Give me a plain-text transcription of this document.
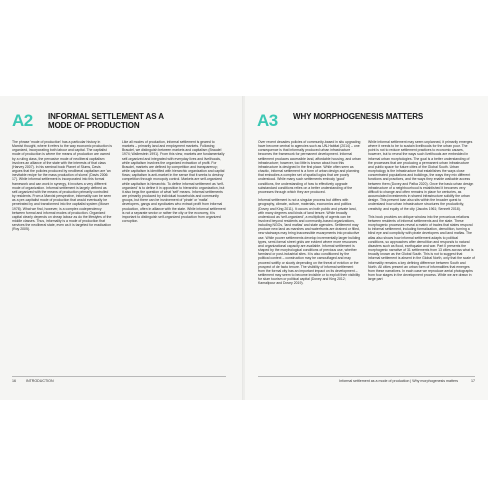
A2 INFORMAL SETTLEMENT AS A MODE OF PRODUCTION

The phrase 'mode of production' has a particular history in Marxist thought, where it refers to the way economic production is organized, incorporating both labour and capital. The capitalist mode of production is where the means of production are owned by a ruling class, the pervasive mode of neoliberal capitalism involves an alliance of the state with the interests of that class (Harvey 2007). In his seminal book Planet of Slums, Davis argues that the policies produced by neoliberal capitalism are 'an inevitable recipe for the mass production of slums' (Davis 2006: 17). While informal settlement is incorporated into this formal framework and can work in synergy, it involves a very different mode of organization. Informal settlement is largely defined as self-organized with the means of production primarily controlled by residents. From a Marxist perspective, informality can be seen as a pre-capitalist mode of production that would eventually be penetrated by and transformed into the capitalist system (Moser 1978). What we find, however, is a complex codependency between formal and informal modes of production. Organized capital clearly depends on cheap labour as do the lifestyles of the middle classes. Thus, informality is a mode of production that services the neoliberal state, even as it is targeted for eradication (Roy 2005).

Like all modes of production, informal settlement is geared to markets – primarily land and employment markets. Following Braudel, we distinguish between markets and capitalism (Braudel 1974; Wallerstein 1991). From this view, markets are fundamentally self-organized and integrated with everyday lives and livelihoods, while capitalism involves the organized extraction of profit. For Braudel, markets are defined by competition and transparency; while capitalism is identified with hierarchic organization and capital flows; capitalism is anti-market in the sense that it seeks to destroy competition through monopoly control. Markets are self-organized while capitalism is hierarchic. To define informal settlement as 'self-organized' is to define it in opposition to hierarchic organization, but it also begs the question of what 'self' means. Informal settlements are primarily produced by individual households and community groups, but there can be involvement of 'pirate' or 'mafia' developers, gangs and syndicates who extract profit from informal production, often in alliance with the state. While informal settlement is not a separate sector or rather the city or the economy, it is important to distinguish self-organized production from organized corruption.

16	INTRODUCTION
A3 WHY MORPHOGENESIS MATTERS

Over recent decades policies of community-based in situ upgrading have become central to agencies such as UN-Habitat (2014) – one consequence is that informally produced urban infrastructure becomes the framework for permanent development. Informal settlement produces accessible land, affordable housing, and urban infrastructure; however, too little is known about how this infrastructure is designed in the first place. While often seen as chaotic, informal settlement is a form of urban design and planning that embodies a complex set of spatial logics that are poorly understood. While many such settlements embody 'good' conditions, the understanding of how to effectively upgrade substandard conditions relies on a better understanding of the processes through which they are produced.

Informal settlement is not a singular process but differs with geography, climate, culture, materials, economics and politics (Dovey and King 2011). It occurs on both public and private land, with many degrees and kinds of land tenure. While broadly understood as 'self-organized', a multiplicity of agents can be involved beyond residents and community-based organizations, including NGOs, 'land mafias' and state agencies. Settlement may produce new land as marshes and waterfronts are drained or filled, new stairways may bring inaccessible escarpments into productive use. While poorer settlements develop incrementally larger building types, semi-formal street grids are evident where more resources and organizational capacity are available. Informal settlement is shaped by the morphological conditions of previous use, whether farmland or post-industrial sites. It is also conditioned by the political context – construction may be camouflaged and may proceed swiftly or slowly depending on the threat of eviction or the prospect of de facto tenure. The visibility of informal settlement from the formal city has an important impact on its development – settlement may seem to become invisible or to exploit their visibility for slum tourism or political capital (Dovey and King 2012; Kamalipour and Dovey 2019).

While informal settlement may seem unplanned, it primarily emerges where it needs to be to sustain livelihoods for the urban poor. The point is not to reduce settlement practices to economic causes, however, but to reveal the ways such livelihoods are embedded in informal urban morphologies. The goal is a better understanding of the processes that are producing a permanent urban infrastructure and public space for future cities of the Global South. Urban morphology is the infrastructure that establishes the ways close concentrated populations and buildings, the ways they mix different functions and practices, and the ways they enable walkable access between them (Dovey and Pafka 2020). Once the basic urban design infrastructure of a neighbourhood is established it becomes very difficult to change and often remains in place for centuries, as accumulated investments in shared infrastructure solidify the urban design. This present loan also sits within the broader quest to understand how urban infrastructure structures the productivity, creativity, and equity of the city (Jacobs 1961; Sennett 2018).

This book provides an oblique window into the precarious relations between residents of informal settlements and the state. These morphogenic processes reveal a matrix of trades that states respond to informal settlement, including formalization, demolition, turning a blind eye and complicity with pirate developers and land mafias. The atlas also shows how informal settlement adapts to political conditions, so approaches after demolition and responds to natural disasters such as flood, earthquake and war. Part II presents the morphogenic narrative of 31 settlements from 13 cities across what is broadly known as the Global South. This is not to suggest that informal settlement is absent in the Global North, only that the scale of informality remains a key defining difference between South and North. All cities present an urban form of informalities that emerges from these narratives. In each case we reproduce aerial photographs from four stages in the development process. While we are drawn in large part

Informal settlement as a mode of production | Why morphogenesis matters	17
